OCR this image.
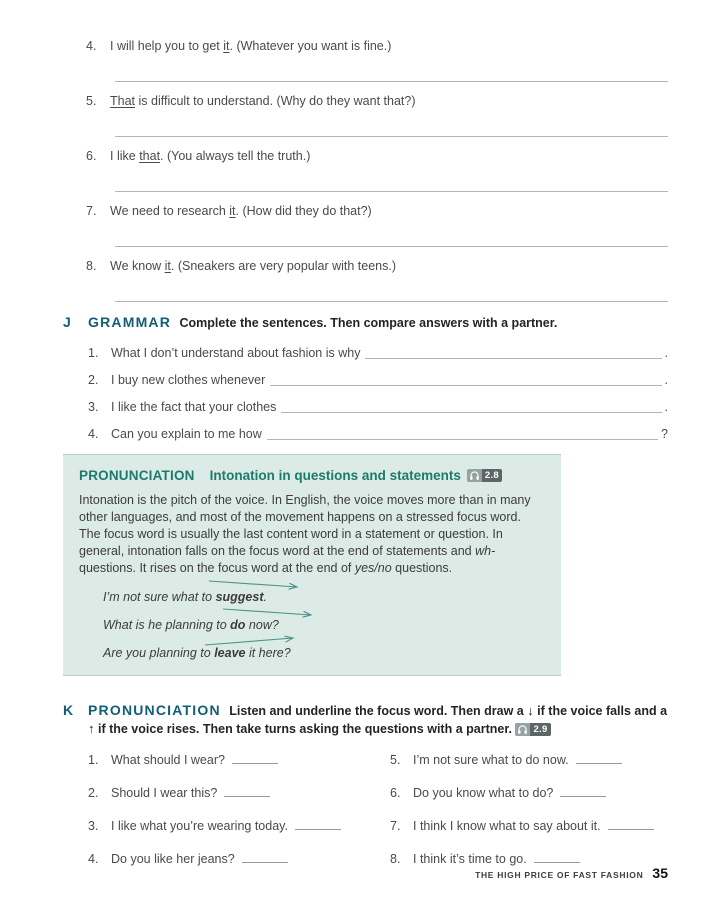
4.	I will help you to get it. (Whatever you want is fine.)
5.	That is difficult to understand. (Why do they want that?)
6.	I like that. (You always tell the truth.)
7.	We need to research it. (How did they do that?)
8.	We know it. (Sneakers are very popular with teens.)
J GRAMMAR Complete the sentences. Then compare answers with a partner.
1.	What I don’t understand about fashion is why	.
2.	I buy new clothes whenever	.
3.	I like the fact that your clothes	.
4.	Can you explain to me how	?
PRONUNCIATION Intonation in questions and statements	2.8
Intonation is the pitch of the voice. In English, the voice moves more than in many other languages, and most of the movement happens on a stressed focus word. The focus word is usually the last content word in a statement or question. In general, intonation falls on the focus word at the end of statements and wh-questions. It rises on the focus word at the end of yes/no questions.
I’m not sure what to suggest.
What is he planning to do now?
Are you planning to leave it here?
K PRONUNCIATION Listen and underline the focus word. Then draw a ↓ if the voice falls and a ↑ if the voice rises. Then take turns asking the questions with a partner.	2.9
1.	What should I wear?
2.	Should I wear this?
3.	I like what you’re wearing today.
4.	Do you like her jeans?
5.	I’m not sure what to do now.
6.	Do you know what to do?
7.	I think I know what to say about it.
8.	I think it’s time to go.
THE HIGH PRICE OF FAST FASHION 35
